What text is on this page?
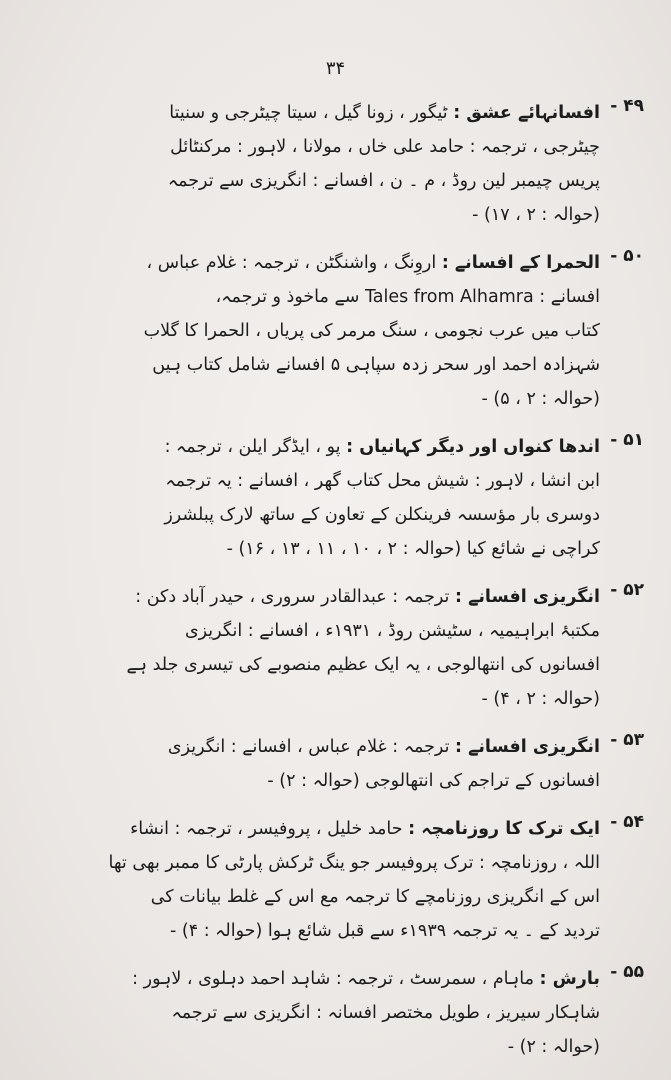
۳۴
۴۹ -
افسانہائے عشق : ٹیگور ، زونا گیل ، سیتا چیٹرجی و سنیتا
چیٹرجی ، ترجمہ : حامد علی خاں ، مولانا ، لاہور : مرکنٹائل
پریس چیمبر لین روڈ ، م ۔ ن ، افسانے : انگریزی سے ترجمہ
(حوالہ : ۲ ، ۱۷) -
۵۰ -
الحمرا کے افسانے : اروِنگ ، واشنگٹن ، ترجمہ : غلام عباس ،
افسانے : Tales from Alhamra سے ماخوذ و ترجمہ،
کتاب میں عرب نجومی ، سنگ مرمر کی پریاں ، الحمرا کا گلاب
شہزادہ احمد اور سحر زدہ سپاہی ۵ افسانے شامل کتاب ہیں
(حوالہ : ۲ ، ۵) -
۵۱ -
اندھا کنواں اور دیگر کہانیاں : پو ، ایڈگر ایلن ، ترجمہ :
ابن انشا ، لاہور : شیش محل کتاب گھر ، افسانے : یہ ترجمہ
دوسری بار مؤسسہ فرینکلن کے تعاون کے ساتھ لارک پبلشرز
کراچی نے شائع کیا (حوالہ : ۲ ، ۱۰ ، ۱۱ ، ۱۳ ، ۱۶) -
۵۲ -
انگریزی افسانے : ترجمہ : عبدالقادر سروری ، حیدر آباد دکن :
مکتبۂ ابراہیمیہ ، سٹیشن روڈ ، ۱۹۳۱ء ، افسانے : انگریزی
افسانوں کی انتھالوجی ، یہ ایک عظیم منصوبے کی تیسری جلد ہے
(حوالہ : ۲ ، ۴) -
۵۳ -
انگریزی افسانے : ترجمہ : غلام عباس ، افسانے : انگریزی
افسانوں کے تراجم کی انتھالوجی (حوالہ : ۲) -
۵۴ -
ایک ترک کا روزنامچہ : حامد خلیل ، پروفیسر ، ترجمہ : انشاء
اللہ ، روزنامچہ : ترک پروفیسر جو ینگ ٹرکش پارٹی کا ممبر بھی تھا
اس کے انگریزی روزنامچے کا ترجمہ مع اس کے غلط بیانات کی
تردید کے ۔ یہ ترجمہ ۱۹۳۹ء سے قبل شائع ہوا (حوالہ : ۴) -
۵۵ -
بارش : ماہام ، سمرسٹ ، ترجمہ : شاہد احمد دہلوی ، لاہور :
شاہکار سیریز ، طویل مختصر افسانہ : انگریزی سے ترجمہ
(حوالہ : ۲) -
